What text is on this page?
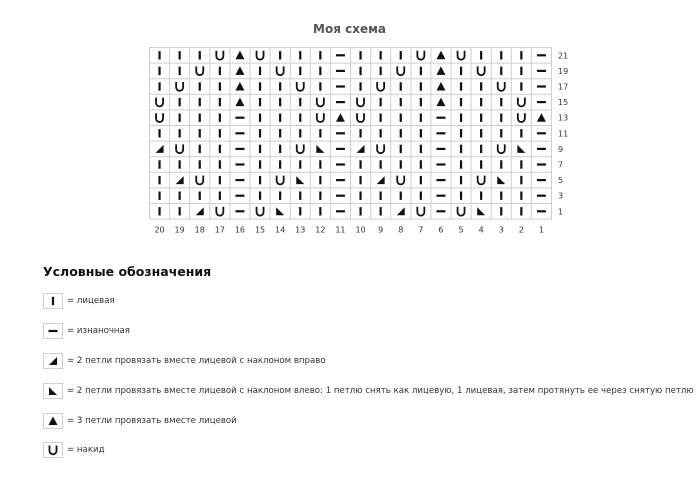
Моя схема
21
19
17
15
13
11
9
7
5
3
1
20 19 18 17 16 15 14 13 12 11 10 9 8 7 6 5 4 3 2 1
Условные обозначения
= лицевая
= изнаночная
= 2 петли провязать вместе лицевой с наклоном вправо
= 2 петли провязать вместе лицевой с наклоном влево: 1 петлю снять как лицевую, 1 лицевая, затем протянуть ее через снятую петлю
= 3 петли провязать вместе лицевой
= накид
